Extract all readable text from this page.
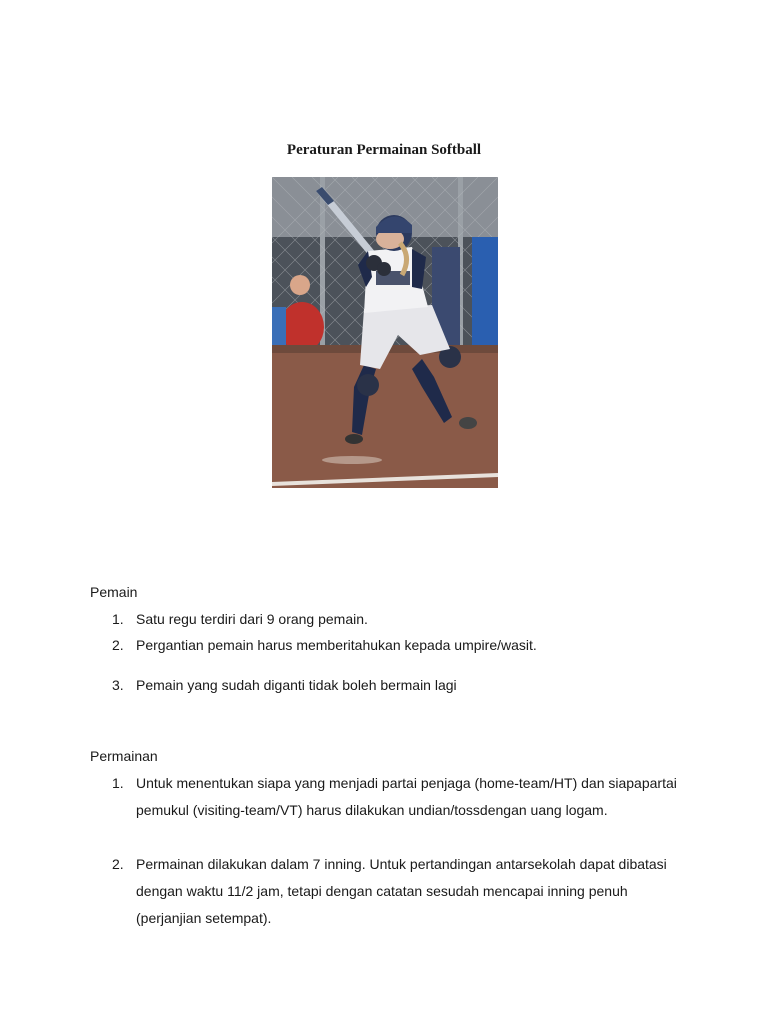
Peraturan Permainan Softball

Pemain

1. Satu regu terdiri dari 9 orang pemain.
2. Pergantian pemain harus memberitahukan kepada umpire/wasit.
3. Pemain yang sudah diganti tidak boleh bermain lagi

Permainan

1. Untuk menentukan siapa yang menjadi partai penjaga (home-team/HT) dan siapapartai pemukul (visiting-team/VT) harus dilakukan undian/tossdengan uang logam.
2. Permainan dilakukan dalam 7 inning. Untuk pertandingan antarsekolah dapat dibatasi dengan waktu 11/2 jam, tetapi dengan catatan sesudah mencapai inning penuh (perjanjian setempat).
